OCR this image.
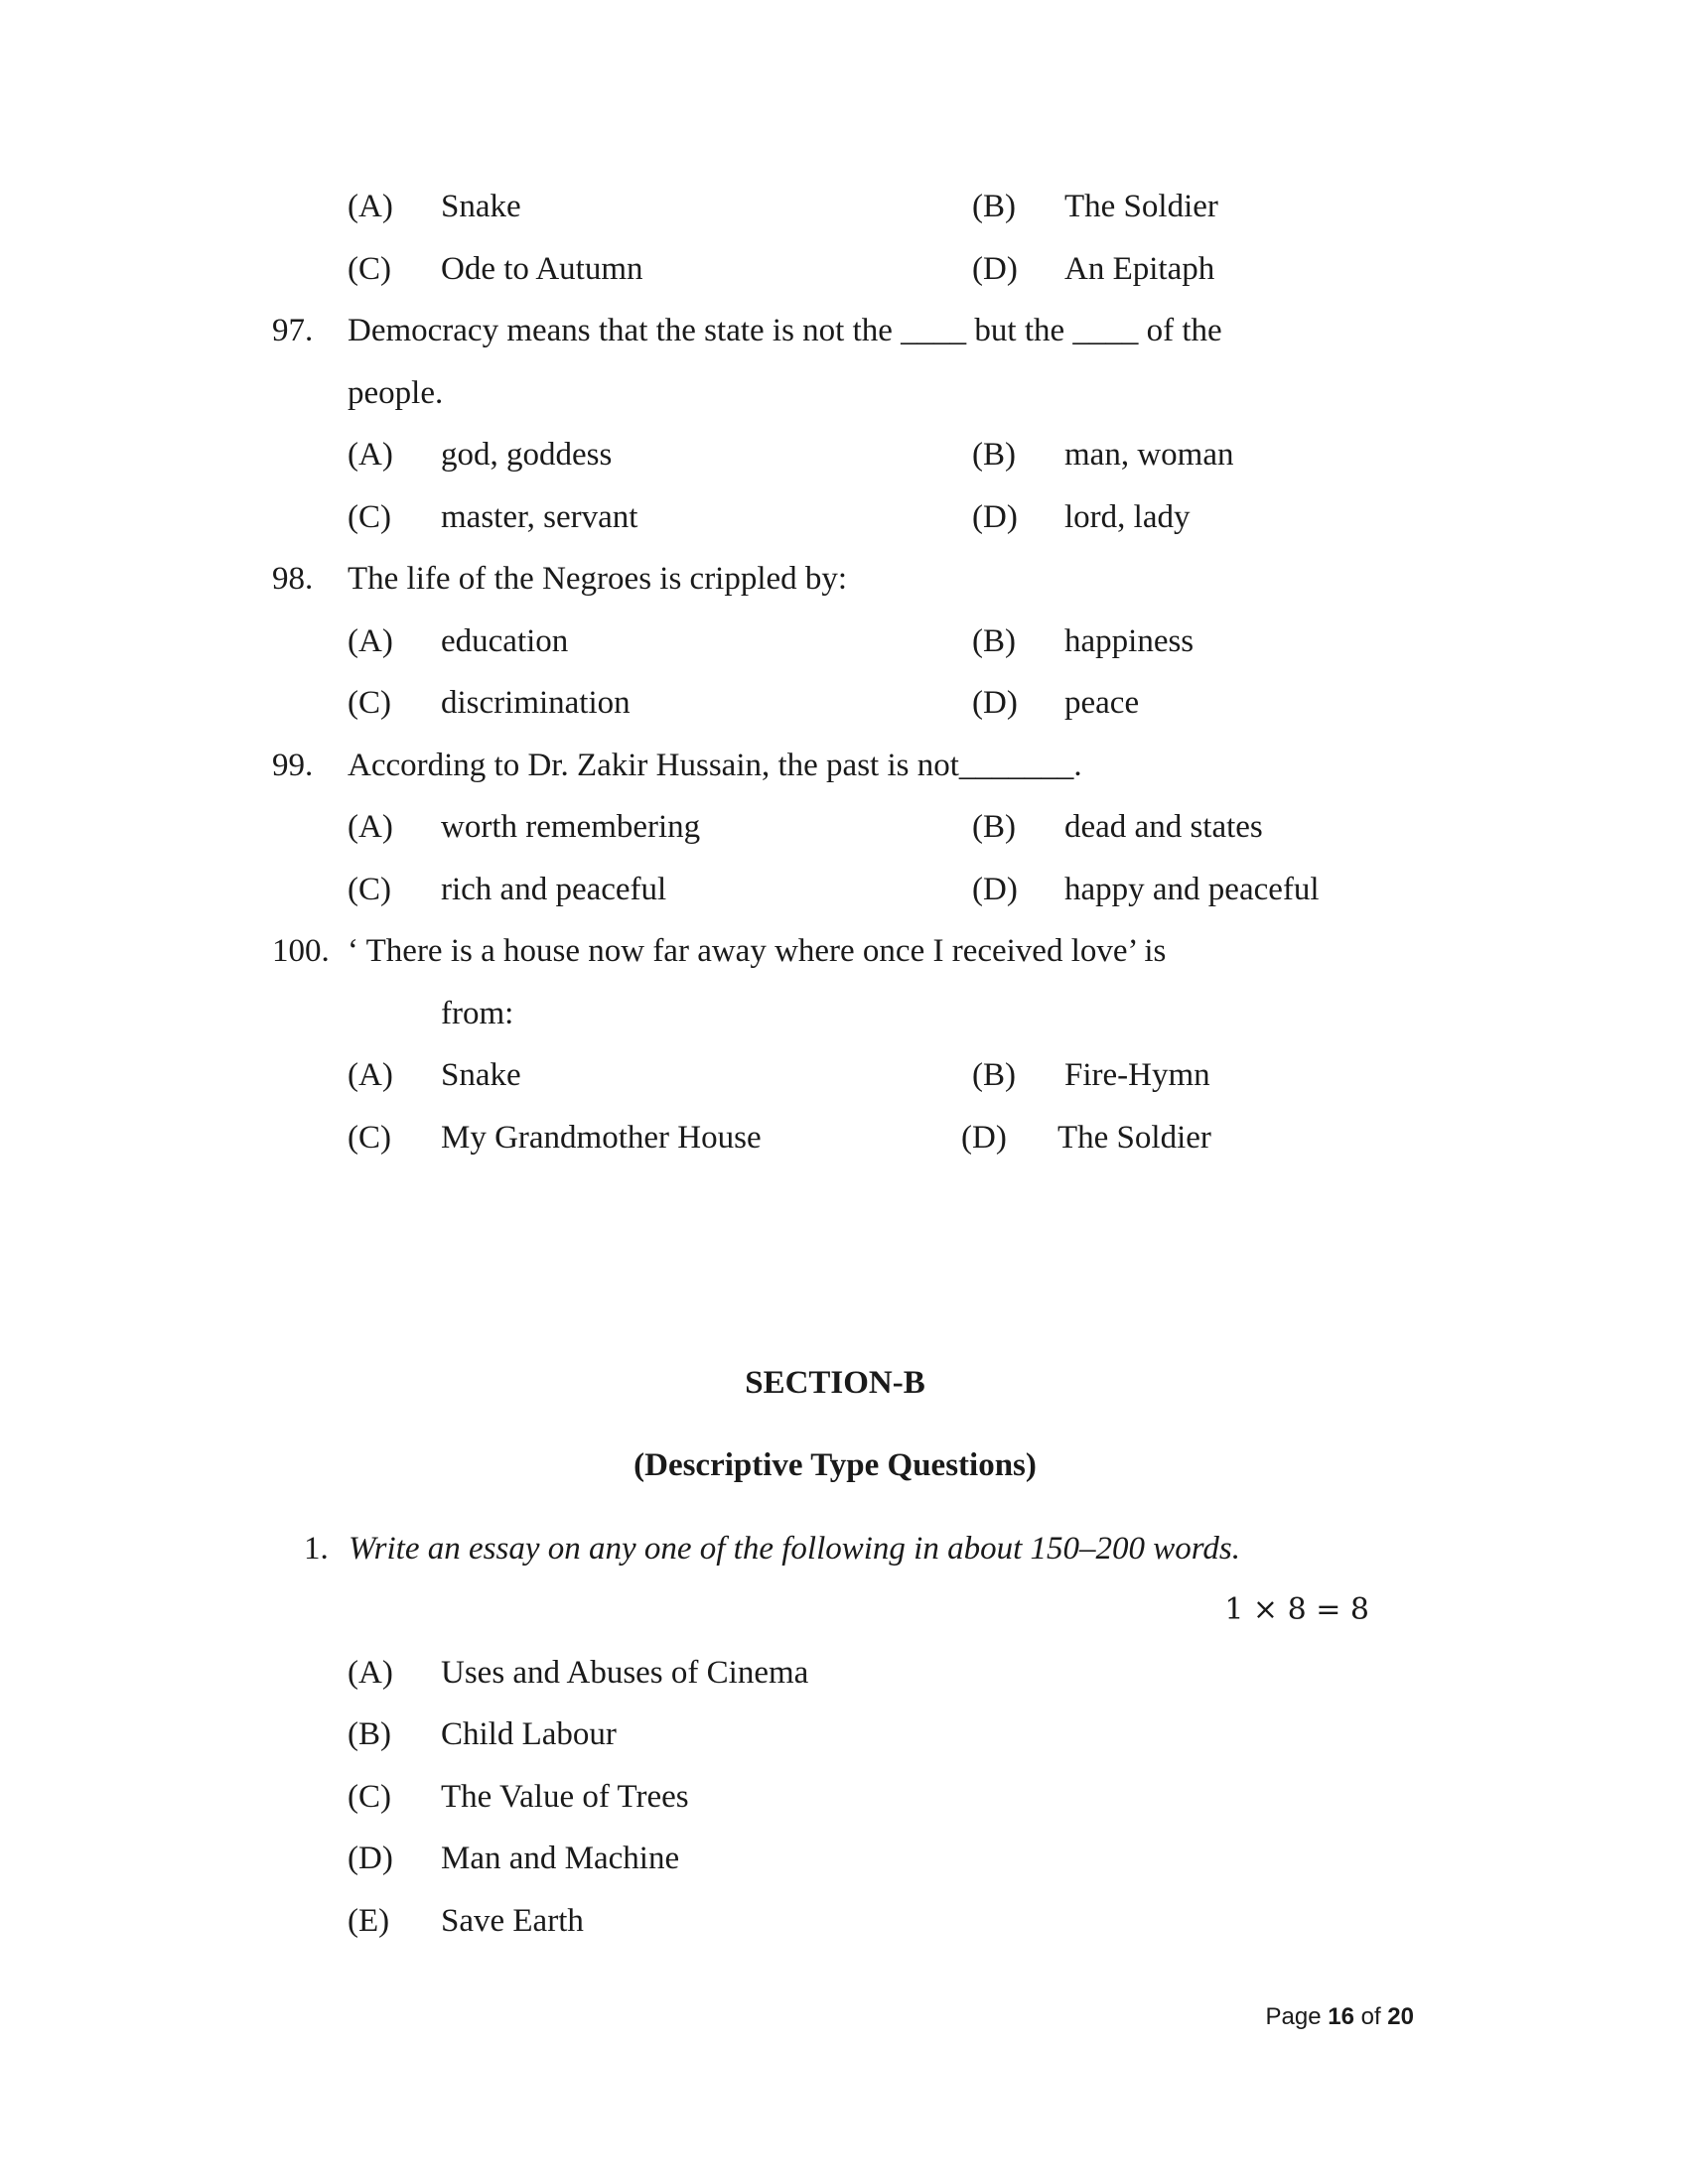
(A) Snake	(B) The Soldier
(C) Ode to Autumn	(D) An Epitaph
97. Democracy means that the state is not the ____ but the ____ of the
people.
(A) god, goddess	(B) man, woman
(C) master, servant	(D) lord, lady
98. The life of the Negroes is crippled by:
(A) education	(B) happiness
(C) discrimination	(D) peace
99. According to Dr. Zakir Hussain, the past is not_______.
(A) worth remembering	(B) dead and states
(C) rich and peaceful	(D) happy and peaceful
100. ‘ There is a house now far away where once I received love’ is
from:
(A) Snake	(B) Fire-Hymn
(C) My Grandmother House	(D) The Soldier
SECTION-B
(Descriptive Type Questions)
1. Write an essay on any one of the following in about 150–200 words.
1 × 8 = 8
(A) Uses and Abuses of Cinema
(B) Child Labour
(C) The Value of Trees
(D) Man and Machine
(E) Save Earth
Page 16 of 20
